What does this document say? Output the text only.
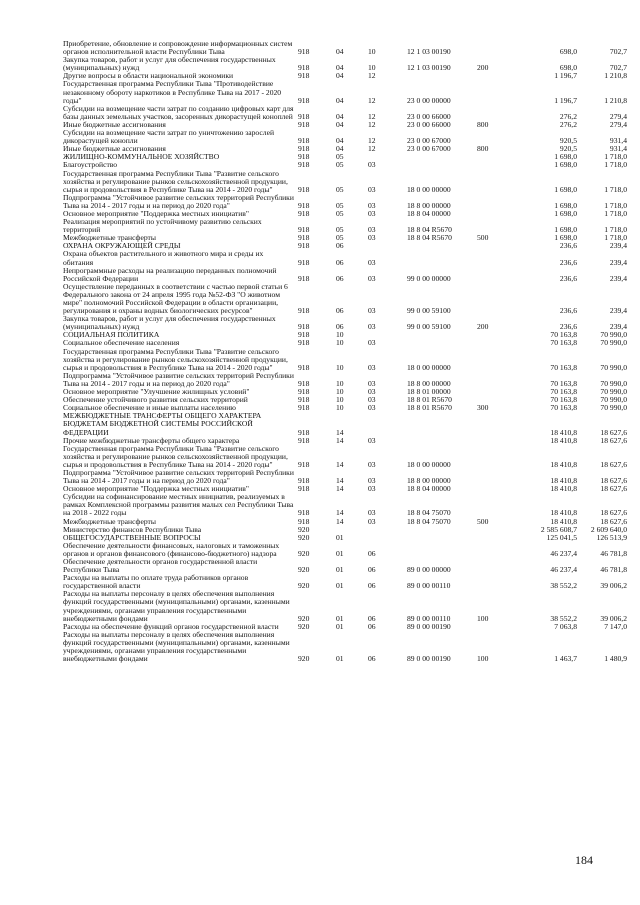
Приобретение, обновление и сопровождение информационных систем органов исполнительной власти Республики Тыва	918	04	10	12 1 03 00190	698,0	702,7
Закупка товаров, работ и услуг для обеспечения государственных (муниципальных) нужд	918	04	10	12 1 03 00190	200	698,0	702,7
Другие вопросы в области национальной экономики	918	04	12	1 196,7	1 210,8
Государственная программа Республики Тыва "Противодействие незаконному обороту наркотиков в Республике Тыва на 2017 - 2020 годы"	918	04	12	23 0 00 00000	1 196,7	1 210,8
Субсидии на возмещение части затрат по созданию цифровых карт для базы данных земельных участков, засоренных дикорастущей коноплей 918	04	12	23 0 00 66000	276,2	279,4
Иные бюджетные ассигнования	918	04	12	23 0 00 66000	800	276,2	279,4
Субсидии на возмещение части затрат по уничтожению зарослей дикорастущей конопли	918	04	12	23 0 00 67000	920,5	931,4
Иные бюджетные ассигнования	918	04	12	23 0 00 67000	800	920,5	931,4
ЖИЛИЩНО-КОММУНАЛЬНОЕ ХОЗЯЙСТВО	918	05	1 698,0	1 718,0
Благоустройство	918	05	03	1 698,0	1 718,0
Государственная программа Республики Тыва "Развитие сельского хозяйства и регулирование рынков сельскохозяйственной продукции, сырья и продовольствия в Республике Тыва на 2014 - 2020 годы"	918	05	03	18 0 00 00000	1 698,0	1 718,0
Подпрограмма "Устойчивое развитие сельских территорий Республики Тыва на 2014 - 2017 годы и на период до 2020 года"	918	05	03	18 8 00 00000	1 698,0	1 718,0
Основное мероприятие "Поддержка местных инициатив"	918	05	03	18 8 04 00000	1 698,0	1 718,0
Реализация мероприятий по устойчивому развитию сельских территорий	918	05	03	18 8 04 R5670	1 698,0	1 718,0
Межбюджетные трансферты	918	05	03	18 8 04 R5670	500	1 698,0	1 718,0
ОХРАНА ОКРУЖАЮЩЕЙ СРЕДЫ	918	06	236,6	239,4
Охрана объектов растительного и животного мира и среды их обитания	918	06	03	236,6	239,4
Непрограммные расходы на реализацию переданных полномочий Российской Федерации	918	06	03	99 0 00 00000	236,6	239,4
Осуществление переданных в соответствии с частью первой статьи 6 Федерального закона от 24 апреля 1995 года №52-ФЗ "О животном мире" полномочий Российской Федерации в области организации, регулирования и охраны водных биологических ресурсов"	918	06	03	99 0 00 59100	236,6	239,4
Закупка товаров, работ и услуг для обеспечения государственных (муниципальных) нужд	918	06	03	99 0 00 59100	200	236,6	239,4
СОЦИАЛЬНАЯ ПОЛИТИКА	918	10	70 163,8	70 990,0
Социальное обеспечение населения	918	10	03	70 163,8	70 990,0
Государственная программа Республики Тыва "Развитие сельского хозяйства и регулирование рынков сельскохозяйственной продукции, сырья и продовольствия в Республике Тыва на 2014 - 2020 годы"	918	10	03	18 0 00 00000	70 163,8	70 990,0
Подпрограмма "Устойчивое развитие сельских территорий Республики Тыва на 2014 - 2017 годы и на период до 2020 года"	918	10	03	18 8 00 00000	70 163,8	70 990,0
Основное мероприятие "Улучшение жилищных условий"	918	10	03	18 8 01 00000	70 163,8	70 990,0
Обеспечение устойчивого развития сельских территорий	918	10	03	18 8 01 R5670	70 163,8	70 990,0
Социальное обеспечение и иные выплаты населению	918	10	03	18 8 01 R5670	300	70 163,8	70 990,0
МЕЖБЮДЖЕТНЫЕ ТРАНСФЕРТЫ ОБЩЕГО ХАРАКТЕРА БЮДЖЕТАМ БЮДЖЕТНОЙ СИСТЕМЫ РОССИЙСКОЙ ФЕДЕРАЦИИ	918	14	18 410,8	18 627,6
Прочие межбюджетные трансферты общего характера	918	14	03	18 410,8	18 627,6
Государственная программа Республики Тыва "Развитие сельского хозяйства и регулирование рынков сельскохозяйственной продукции, сырья и продовольствия в Республике Тыва на 2014 - 2020 годы"	918	14	03	18 0 00 00000	18 410,8	18 627,6
Подпрограмма "Устойчивое развитие сельских территорий Республики Тыва на 2014 - 2017 годы и на период до 2020 года"	918	14	03	18 8 00 00000	18 410,8	18 627,6
Основное мероприятие "Поддержка местных инициатив"	918	14	03	18 8 04 00000	18 410,8	18 627,6
Субсидии на софинансирование местных инициатив, реализуемых в рамках Комплексной программы развития малых сел Республики Тыва на 2018 - 2022 годы	918	14	03	18 8 04 75070	18 410,8	18 627,6
Межбюджетные трансферты	918	14	03	18 8 04 75070	500	18 410,8	18 627,6
Министерство финансов Республики Тыва	920	2 585 608,7	2 609 640,0
ОБЩЕГОСУДАРСТВЕННЫЕ ВОПРОСЫ	920	01	125 041,5	126 513,9
Обеспечение деятельности финансовых, налоговых и таможенных органов и органов финансового (финансово-бюджетного) надзора	920	01	06	46 237,4	46 781,8
Обеспечение деятельности органов государственной власти Республики Тыва	920	01	06	89 0 00 00000	46 237,4	46 781,8
Расходы на выплаты по оплате труда работников органов государственной власти	920	01	06	89 0 00 00110	38 552,2	39 006,2
Расходы на выплаты персоналу в целях обеспечения выполнения функций государственными (муниципальными) органами, казенными учреждениями, органами управления государственными внебюджетными фондами	920	01	06	89 0 00 00110	100	38 552,2	39 006,2
Расходы на обеспечение функций органов государственной власти	920	01	06	89 0 00 00190	7 063,8	7 147,0
Расходы на выплаты персоналу в целях обеспечения выполнения функций государственными (муниципальными) органами, казенными учреждениями, органами управления государственными внебюджетными фондами	920	01	06	89 0 00 00190	100	1 463,7	1 480,9
184
